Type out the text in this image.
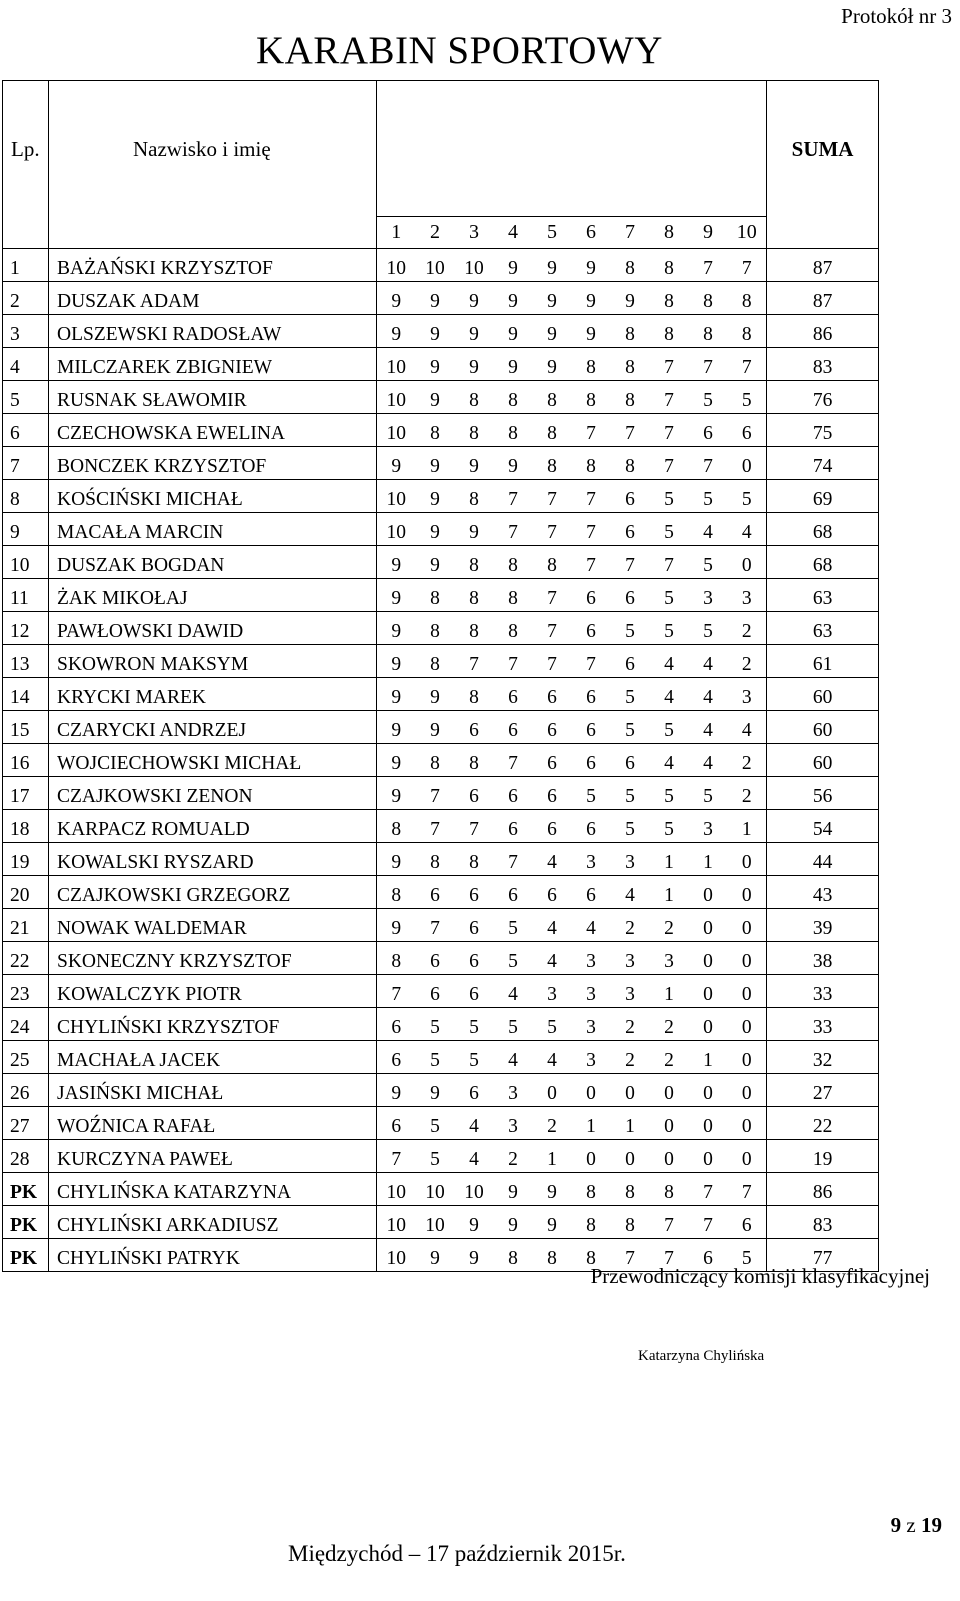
Protokół nr 3
KARABIN SPORTOWY
Lp.	Nazwisko i imię											SUMA
		1	2	3	4	5	6	7	8	9	10	
1	BAŻAŃSKI KRZYSZTOF	10	10	10	9	9	9	8	8	7	7	87
2	DUSZAK ADAM	9	9	9	9	9	9	9	8	8	8	87
3	OLSZEWSKI RADOSŁAW	9	9	9	9	9	9	8	8	8	8	86
4	MILCZAREK ZBIGNIEW	10	9	9	9	9	8	8	7	7	7	83
5	RUSNAK SŁAWOMIR	10	9	8	8	8	8	8	7	5	5	76
6	CZECHOWSKA EWELINA	10	8	8	8	8	7	7	7	6	6	75
7	BONCZEK KRZYSZTOF	9	9	9	9	8	8	8	7	7	0	74
8	KOŚCIŃSKI MICHAŁ	10	9	8	7	7	7	6	5	5	5	69
9	MACAŁA MARCIN	10	9	9	7	7	7	6	5	4	4	68
10	DUSZAK BOGDAN	9	9	8	8	8	7	7	7	5	0	68
11	ŻAK MIKOŁAJ	9	8	8	8	7	6	6	5	3	3	63
12	PAWŁOWSKI DAWID	9	8	8	8	7	6	5	5	5	2	63
13	SKOWRON MAKSYM	9	8	7	7	7	7	6	4	4	2	61
14	KRYCKI MAREK	9	9	8	6	6	6	5	4	4	3	60
15	CZARYCKI ANDRZEJ	9	9	6	6	6	6	5	5	4	4	60
16	WOJCIECHOWSKI MICHAŁ	9	8	8	7	6	6	6	4	4	2	60
17	CZAJKOWSKI ZENON	9	7	6	6	6	5	5	5	5	2	56
18	KARPACZ ROMUALD	8	7	7	6	6	6	5	5	3	1	54
19	KOWALSKI RYSZARD	9	8	8	7	4	3	3	1	1	0	44
20	CZAJKOWSKI GRZEGORZ	8	6	6	6	6	6	4	1	0	0	43
21	NOWAK WALDEMAR	9	7	6	5	4	4	2	2	0	0	39
22	SKONECZNY KRZYSZTOF	8	6	6	5	4	3	3	3	0	0	38
23	KOWALCZYK PIOTR	7	6	6	4	3	3	3	1	0	0	33
24	CHYLIŃSKI KRZYSZTOF	6	5	5	5	5	3	2	2	0	0	33
25	MACHAŁA JACEK	6	5	5	4	4	3	2	2	1	0	32
26	JASIŃSKI MICHAŁ	9	9	6	3	0	0	0	0	0	0	27
27	WOŹNICA RAFAŁ	6	5	4	3	2	1	1	0	0	0	22
28	KURCZYNA PAWEŁ	7	5	4	2	1	0	0	0	0	0	19
PK	CHYLIŃSKA KATARZYNA	10	10	10	9	9	8	8	8	7	7	86
PK	CHYLIŃSKI ARKADIUSZ	10	10	9	9	9	8	8	7	7	6	83
PK	CHYLIŃSKI PATRYK	10	9	9	8	8	8	7	7	6	5	77
Przewodniczący komisji klasyfikacyjnej
Katarzyna Chylińska
9 z 19
Międzychód – 17 październik 2015r.
